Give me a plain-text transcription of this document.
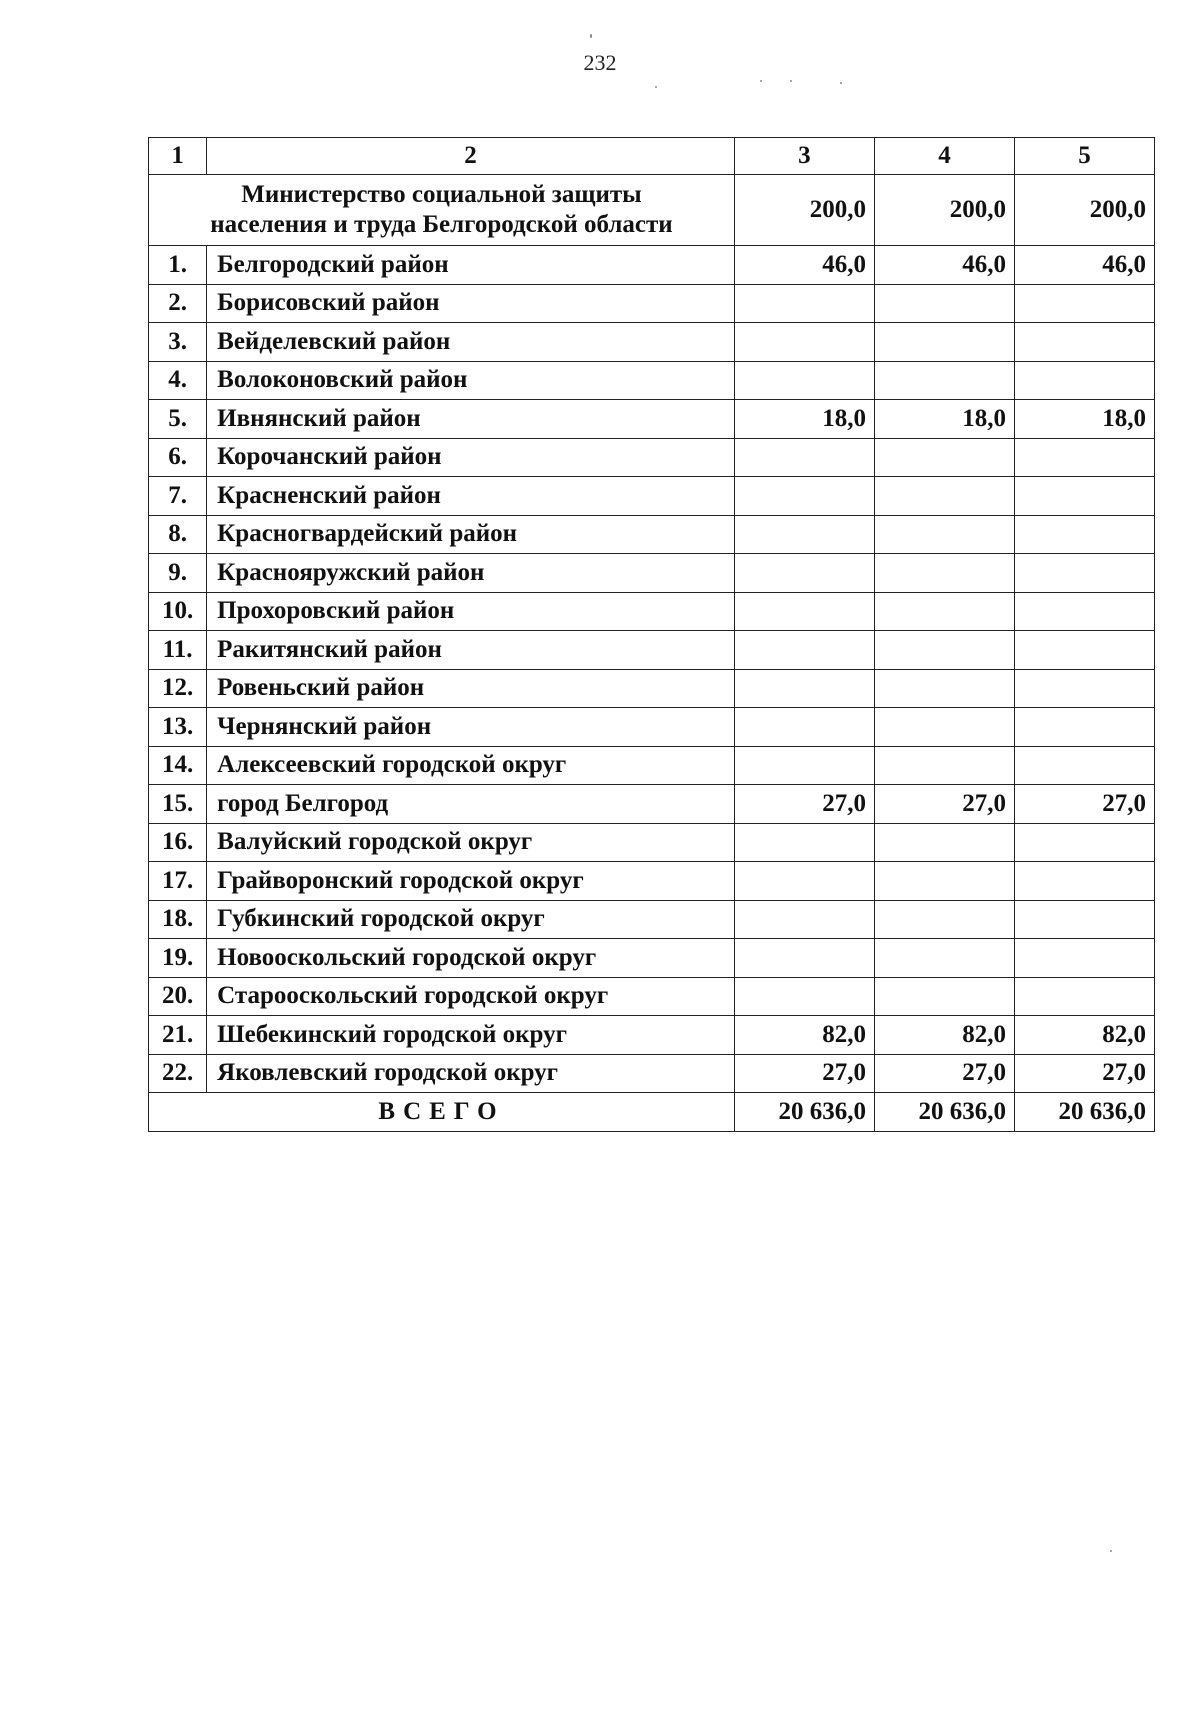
232
1	2	3	4	5
Министерство социальной защиты
населения и труда Белгородской области		200,0	200,0	200,0
1.	Белгородский район	46,0	46,0	46,0
2.	Борисовский район			
3.	Вейделевский район			
4.	Волоконовский район			
5.	Ивнянский район	18,0	18,0	18,0
6.	Корочанский район			
7.	Красненский район			
8.	Красногвардейский район			
9.	Краснояружский район			
10.	Прохоровский район			
11.	Ракитянский район			
12.	Ровеньский район			
13.	Чернянский район			
14.	Алексеевский городской округ			
15.	город Белгород	27,0	27,0	27,0
16.	Валуйский городской округ			
17.	Грайворонский городской округ			
18.	Губкинский городской округ			
19.	Новооскольский городской округ			
20.	Старооскольский городской округ			
21.	Шебекинский городской округ	82,0	82,0	82,0
22.	Яковлевский городской округ	27,0	27,0	27,0
ВСЕГО		20 636,0	20 636,0	20 636,0
